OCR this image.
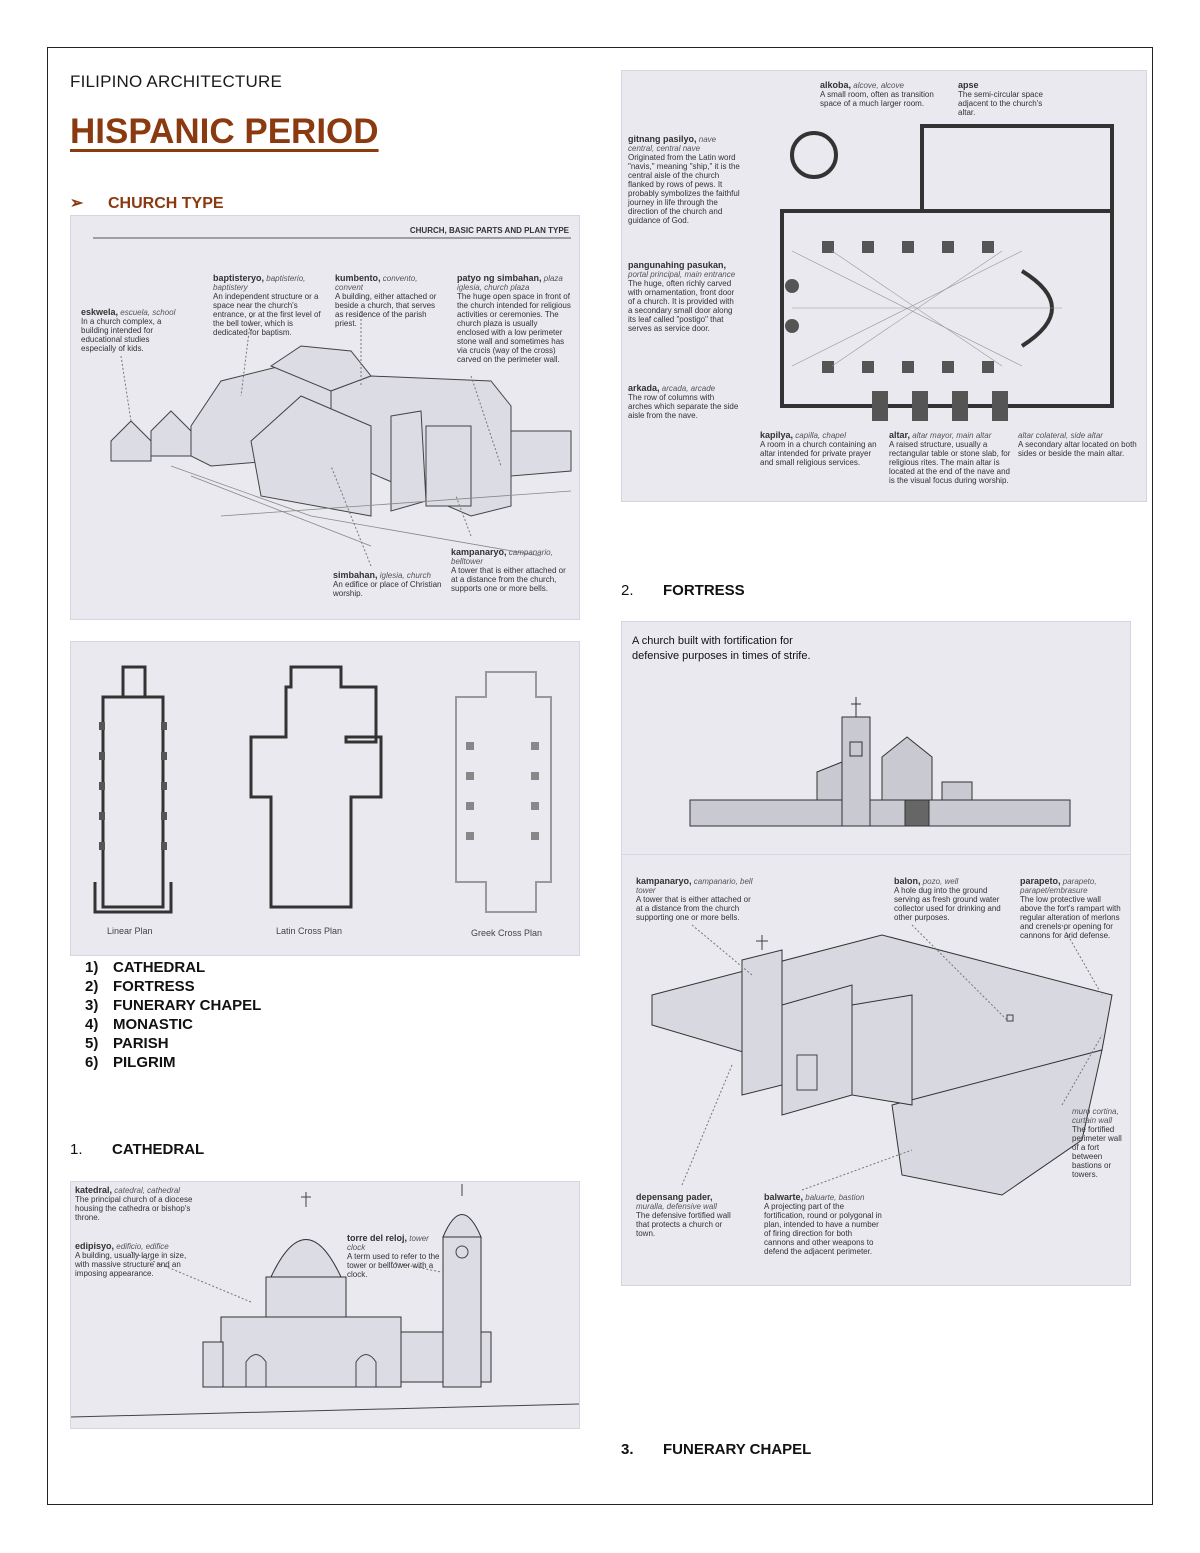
FILIPINO ARCHITECTURE
HISPANIC PERIOD
➢ CHURCH TYPE
CHURCH, BASIC PARTS AND PLAN TYPE
eskwela, escuela, school
In a church complex, a building intended for educational studies especially of kids.
baptisteryo, baptisterio, baptistery
An independent structure or a space near the church's entrance, or at the first level of the bell tower, which is dedicated for baptism.
kumbento, convento, convent
A building, either attached or beside a church, that serves as residence of the parish priest.
patyo ng simbahan, plaza iglesia, church plaza
The huge open space in front of the church intended for religious activities or ceremonies. The church plaza is usually enclosed with a low perimeter stone wall and sometimes has via crucis (way of the cross) carved on the perimeter wall.
simbahan, iglesia, church
An edifice or place of Christian worship.
kampanaryo, campanario, belltower
A tower that is either attached or at a distance from the church, supports one or more bells.
Linear Plan	Latin Cross Plan	Greek Cross Plan
1) CATHEDRAL
2) FORTRESS
3) FUNERARY CHAPEL
4) MONASTIC
5) PARISH
6) PILGRIM
1. CATHEDRAL
katedral, catedral, cathedral
The principal church of a diocese housing the cathedra or bishop's throne.
edipisyo, edificio, edifice
A building, usually large in size, with massive structure and an imposing appearance.
torre del reloj, tower clock
A term used to refer to the tower or belltower with a clock.
alkoba, alcove, alcove
A small room, often as transition space of a much larger room.
apse
The semi-circular space adjacent to the church's altar.
gitnang pasilyo, nave central, central nave
Originated from the Latin word "navis," meaning "ship," it is the central aisle of the church flanked by rows of pews. It probably symbolizes the faithful journey in life through the direction of the church and guidance of God.
pangunahing pasukan, portal principal, main entrance
The huge, often richly carved with ornamentation, front door of a church. It is provided with a secondary small door along its leaf called "postigo" that serves as service door.
arkada, arcada, arcade
The row of columns with arches which separate the side aisle from the nave.
kapilya, capilla, chapel
A room in a church containing an altar intended for private prayer and small religious services.
altar, altar mayor, main altar
A raised structure, usually a rectangular table or stone slab, for religious rites. The main altar is located at the end of the nave and is the visual focus during worship.
altar colateral, side altar
A secondary altar located on both sides or beside the main altar.
2. FORTRESS
A church built with fortification for defensive purposes in times of strife.
kampanaryo, campanario, bell tower
A tower that is either attached or at a distance from the church supporting one or more bells.
balon, pozo, well
A hole dug into the ground serving as fresh ground water collector used for drinking and other purposes.
parapeto, parapeto, parapet/embrasure
The low protective wall above the fort's rampart with regular alteration of merlons and crenels or opening for cannons for arid defense.
depensang pader, muralla, defensive wall
The defensive fortified wall that protects a church or town.
balwarte, baluarte, bastion
A projecting part of the fortification, round or polygonal in plan, intended to have a number of firing direction for both cannons and other weapons to defend the adjacent perimeter.
muro cortina, curtain wall
The fortified perimeter wall of a fort between bastions or towers.
3. FUNERARY CHAPEL
